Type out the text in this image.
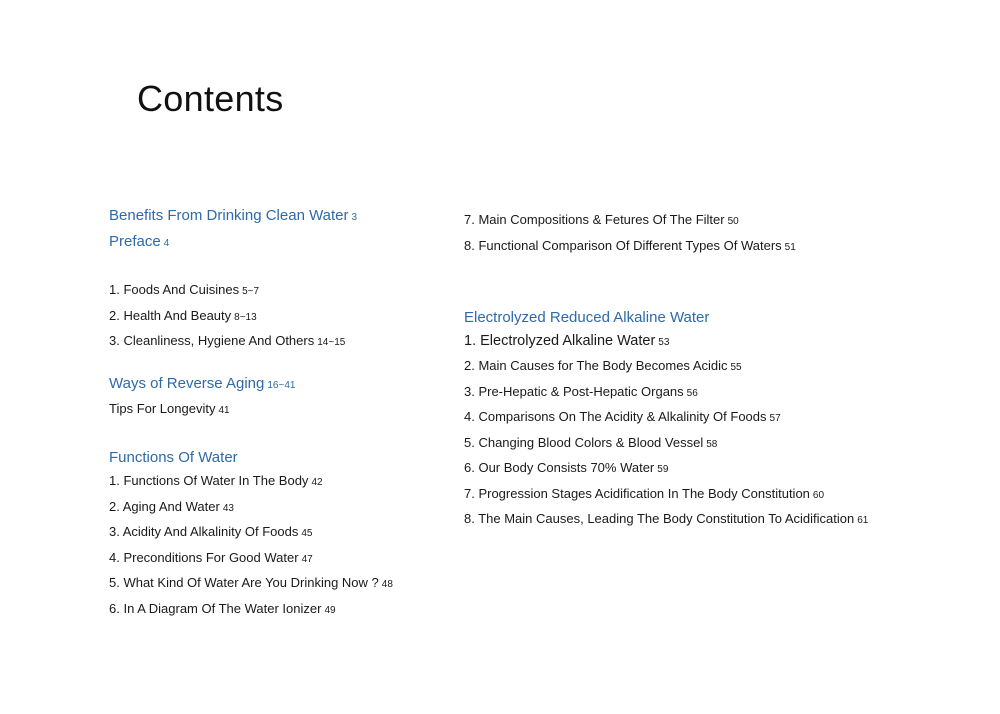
Contents
Benefits From Drinking Clean Water 3
Preface 4
1. Foods And Cuisines 5~7
2. Health And Beauty 8~13
3. Cleanliness, Hygiene And Others 14~15
Ways of Reverse Aging 16~41
Tips For Longevity 41
Functions Of Water
1. Functions Of Water In The Body 42
2. Aging And Water 43
3. Acidity And Alkalinity Of Foods 45
4. Preconditions For Good Water 47
5. What Kind Of Water Are You Drinking Now ? 48
6. In A Diagram Of The Water Ionizer 49
7. Main Compositions & Fetures Of The Filter 50
8. Functional Comparison Of Different Types Of Waters 51
Electrolyzed Reduced Alkaline Water
1. Electrolyzed Alkaline Water 53
2. Main Causes for The Body Becomes Acidic 55
3. Pre-Hepatic & Post-Hepatic Organs 56
4. Comparisons On The Acidity & Alkalinity Of Foods 57
5. Changing Blood Colors & Blood Vessel 58
6. Our Body Consists 70% Water 59
7. Progression Stages Acidification In The Body Constitution 60
8. The Main Causes, Leading The Body Constitution To Acidification 61
